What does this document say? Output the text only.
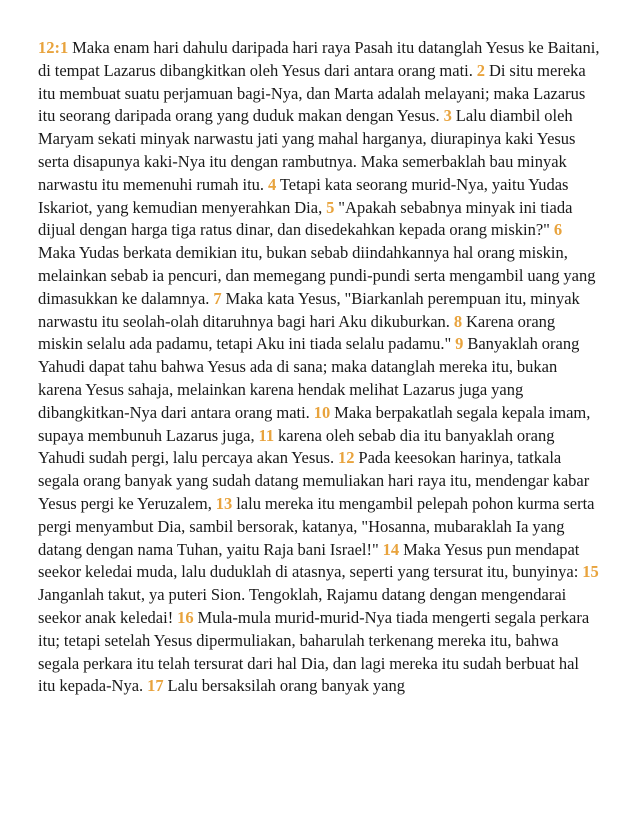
12:1 Maka enam hari dahulu daripada hari raya Pasah itu datanglah Yesus ke Baitani, di tempat Lazarus dibangkitkan oleh Yesus dari antara orang mati. 2 Di situ mereka itu membuat suatu perjamuan bagi-Nya, dan Marta adalah melayani; maka Lazarus itu seorang daripada orang yang duduk makan dengan Yesus. 3 Lalu diambil oleh Maryam sekati minyak narwastu jati yang mahal harganya, diurapinya kaki Yesus serta disapunya kaki-Nya itu dengan rambutnya. Maka semerbaklah bau minyak narwastu itu memenuhi rumah itu. 4 Tetapi kata seorang murid-Nya, yaitu Yudas Iskariot, yang kemudian menyerahkan Dia, 5 "Apakah sebabnya minyak ini tiada dijual dengan harga tiga ratus dinar, dan disedekahkan kepada orang miskin?" 6 Maka Yudas berkata demikian itu, bukan sebab diindahkannya hal orang miskin, melainkan sebab ia pencuri, dan memegang pundi-pundi serta mengambil uang yang dimasukkan ke dalamnya. 7 Maka kata Yesus, "Biarkanlah perempuan itu, minyak narwastu itu seolah-olah ditaruhnya bagi hari Aku dikuburkan. 8 Karena orang miskin selalu ada padamu, tetapi Aku ini tiada selalu padamu." 9 Banyaklah orang Yahudi dapat tahu bahwa Yesus ada di sana; maka datanglah mereka itu, bukan karena Yesus sahaja, melainkan karena hendak melihat Lazarus juga yang dibangkitkan-Nya dari antara orang mati. 10 Maka berpakatlah segala kepala imam, supaya membunuh Lazarus juga, 11 karena oleh sebab dia itu banyaklah orang Yahudi sudah pergi, lalu percaya akan Yesus. 12 Pada keesokan harinya, tatkala segala orang banyak yang sudah datang memuliakan hari raya itu, mendengar kabar Yesus pergi ke Yeruzalem, 13 lalu mereka itu mengambil pelepah pohon kurma serta pergi menyambut Dia, sambil bersorak, katanya, "Hosanna, mubaraklah Ia yang datang dengan nama Tuhan, yaitu Raja bani Israel!" 14 Maka Yesus pun mendapat seekor keledai muda, lalu duduklah di atasnya, seperti yang tersurat itu, bunyinya: 15 Janganlah takut, ya puteri Sion. Tengoklah, Rajamu datang dengan mengendarai seekor anak keledai! 16 Mula-mula murid-murid-Nya tiada mengerti segala perkara itu; tetapi setelah Yesus dipermuliakan, baharulah terkenang mereka itu, bahwa segala perkara itu telah tersurat dari hal Dia, dan lagi mereka itu sudah berbuat hal itu kepada-Nya. 17 Lalu bersaksilah orang banyak yang
